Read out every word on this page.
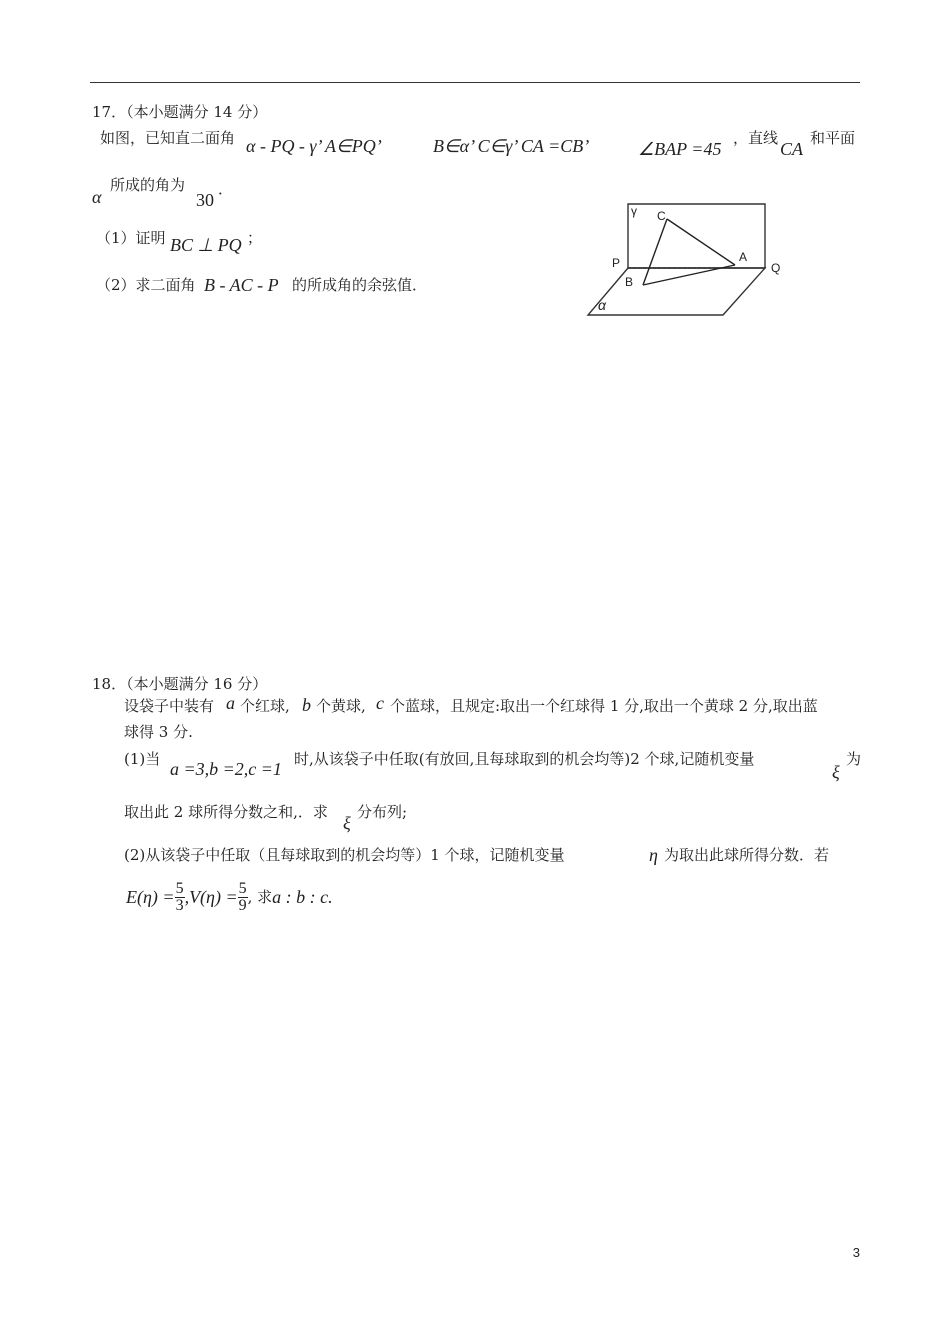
17．（本小题满分 14 分）
如图，已知直二面角 α - PQ - γ’ A∈PQ’	B∈α’ C∈γ’ CA =CB’	∠BAP =45
，直线
CA
和平面
α
所成的角为
30
．
（1）证明 BC ⊥ PQ ；
（2）求二面角 B - AC - P 的所成角的余弦值．
γ C
A
P	Q
B
α
18．（本小题满分 16 分）
设袋子中装有 a 个红球, b 个黄球, c 个蓝球，且规定:取出一个红球得 1 分,取出一个黄球 2 分,取出蓝
球得 3 分.
(1)当 a =3,b =2,c =1 时,从该袋子中任取(有放回,且每球取到的机会均等)2 个球,记随机变量
ξ
为
取出此 2 球所得分数之和,．求
ξ
分布列;
(2)从该袋子中任取（且每球取到的机会均等）1 个球，记随机变量	η 为取出此球所得分数．若
$E(\eta) = \frac{5}{3} ,V(\eta) = \frac{5}{9}$ , 求 a : b : c.
3
